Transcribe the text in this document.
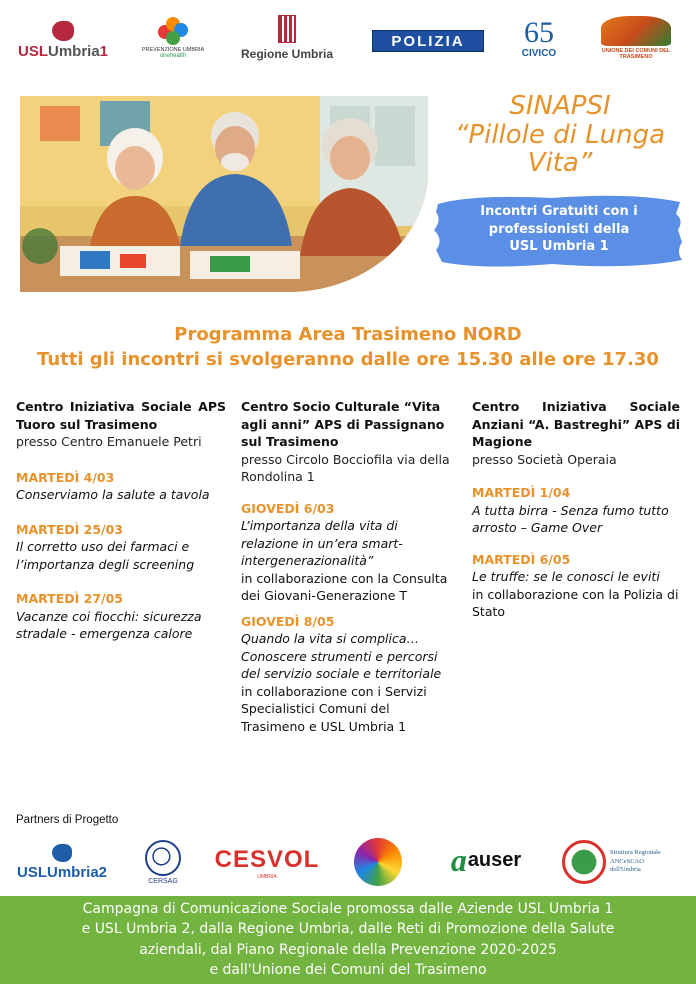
USLUmbria1	PREVENZIONE UMBRIA
onehealth	Regione Umbria
POLIZIA	65
CIVICO	UNIONE DEI COMUNI DEL TRASIMENO
SINAPSI
“Pillole di Lunga
Vita”
Incontri Gratuiti con i
professionisti della
USL Umbria 1
Programma Area Trasimeno NORD
Tutti gli incontri si svolgeranno dalle ore 15.30 alle ore 17.30
Centro Iniziativa Sociale APS Tuoro sul Trasimeno
presso Centro Emanuele Petri
MARTEDÌ 4/03
Conserviamo la salute a tavola
MARTEDÌ 25/03
Il corretto uso dei farmaci e l’importanza degli screening
MARTEDÌ 27/05
Vacanze coi fiocchi: sicurezza stradale - emergenza calore
Centro Socio Culturale “Vita agli anni” APS di Passignano sul Trasimeno
presso Circolo Bocciofila via della Rondolina 1
GIOVEDÌ 6/03
L’importanza della vita di relazione in un’era smart-intergenerazionalità”
in collaborazione con la Consulta dei Giovani-Generazione T
GIOVEDÌ 8/05
Quando la vita si complica… Conoscere strumenti e percorsi del servizio sociale e territoriale
in collaborazione con i Servizi Specialistici Comuni del Trasimeno e USL Umbria 1
Centro Iniziativa Sociale Anziani “A. Bastreghi” APS di Magione
presso Società Operaia
MARTEDÌ 1/04
A tutta birra - Senza fumo tutto arrosto – Game Over
MARTEDÌ 6/05
Le truffe: se le conosci le eviti
in collaborazione con la Polizia di Stato
Partners di Progetto
USLUmbria2
CERSAG
CESVOL
UMBRIA	a auser	Struttura Regionale
ANCeSCAO
dell'Umbria
Campagna di Comunicazione Sociale promossa dalle Aziende USL Umbria 1
e USL Umbria 2, dalla Regione Umbria, dalle Reti di Promozione della Salute
aziendali, dal Piano Regionale della Prevenzione 2020-2025
e dall'Unione dei Comuni del Trasimeno
